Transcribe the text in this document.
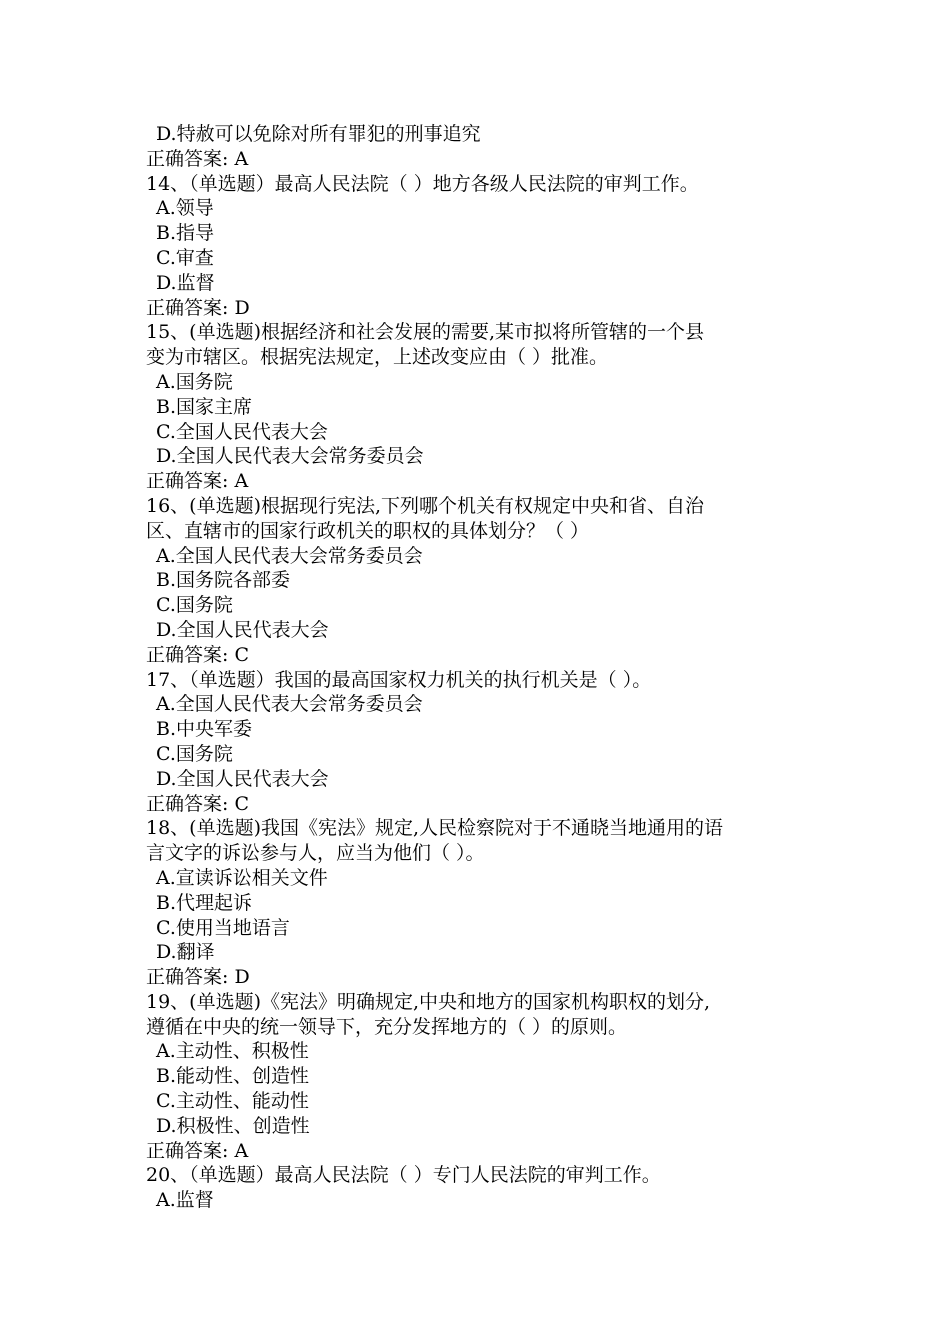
D.特赦可以免除对所有罪犯的刑事追究
正确答案: A
14、（单选题）最高人民法院（ ）地方各级人民法院的审判工作。
A.领导
B.指导
C.审查
D.监督
正确答案: D
15、(单选题)根据经济和社会发展的需要,某市拟将所管辖的一个县
变为市辖区。根据宪法规定，上述改变应由（ ）批准。
A.国务院
B.国家主席
C.全国人民代表大会
D.全国人民代表大会常务委员会
正确答案: A
16、(单选题)根据现行宪法,下列哪个机关有权规定中央和省、自治
区、直辖市的国家行政机关的职权的具体划分？（ ）
A.全国人民代表大会常务委员会
B.国务院各部委
C.国务院
D.全国人民代表大会
正确答案: C
17、（单选题）我国的最高国家权力机关的执行机关是（ ）。
A.全国人民代表大会常务委员会
B.中央军委
C.国务院
D.全国人民代表大会
正确答案: C
18、(单选题)我国《宪法》规定,人民检察院对于不通晓当地通用的语
言文字的诉讼参与人，应当为他们（ ）。
A.宣读诉讼相关文件
B.代理起诉
C.使用当地语言
D.翻译
正确答案: D
19、(单选题)《宪法》明确规定,中央和地方的国家机构职权的划分,
遵循在中央的统一领导下，充分发挥地方的（ ）的原则。
A.主动性、积极性
B.能动性、创造性
C.主动性、能动性
D.积极性、创造性
正确答案: A
20、（单选题）最高人民法院（ ）专门人民法院的审判工作。
A.监督
